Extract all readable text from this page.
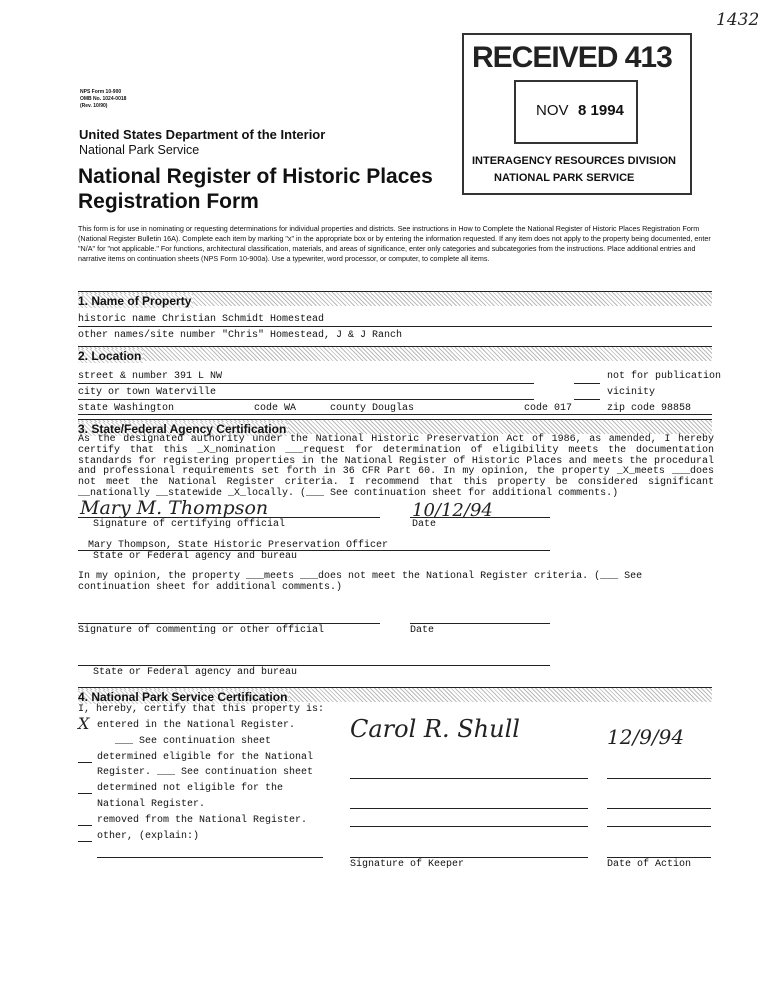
1432
NPS Form 10-900
OMB No. 1024-0018
(Rev. 10/90)
United States Department of the Interior
National Park Service
National Register of Historic Places
Registration Form
RECEIVED 413
NOV 8 1994
INTERAGENCY RESOURCES DIVISION
NATIONAL PARK SERVICE
This form is for use in nominating or requesting determinations for individual properties and districts. See instructions in How to Complete the National Register of Historic Places Registration Form (National Register Bulletin 16A). Complete each item by marking "x" in the appropriate box or by entering the information requested. If any item does not apply to the property being documented, enter "N/A" for "not applicable." For functions, architectural classification, materials, and areas of significance, enter only categories and subcategories from the instructions. Place additional entries and narrative items on continuation sheets (NPS Form 10-900a). Use a typewriter, word processor, or computer, to complete all items.
1. Name of Property
historic name Christian Schmidt Homestead
other names/site number "Chris" Homestead, J & J Ranch
2. Location
street & number 391 L NW	not for publication
city or town Waterville	vicinity
state Washington	code WA	county Douglas	code 017	zip code 98858
3. State/Federal Agency Certification
As the designated authority under the National Historic Preservation Act of 1986, as amended, I hereby certify that this _X_nomination ___request for determination of eligibility meets the documentation standards for registering properties in the National Register of Historic Places and meets the procedural and professional requirements set forth in 36 CFR Part 60. In my opinion, the property _X_meets ___does not meet the National Register criteria. I recommend that this property be considered significant __nationally __statewide _X_locally. (___ See continuation sheet for additional comments.)
Mary M. Thompson	10/12/94
Signature of certifying official	Date
Mary Thompson, State Historic Preservation Officer
State or Federal agency and bureau
In my opinion, the property ___meets ___does not meet the National Register criteria. (___ See continuation sheet for additional comments.)
Signature of commenting or other official	Date
State or Federal agency and bureau
4. National Park Service Certification
I, hereby, certify that this property is:
X entered in the National Register.
___ See continuation sheet
determined eligible for the National
Register. ___ See continuation sheet
determined not eligible for the
National Register.
removed from the National Register.
other, (explain:)
Carol R. Shull	12/9/94
Signature of Keeper	Date of Action
